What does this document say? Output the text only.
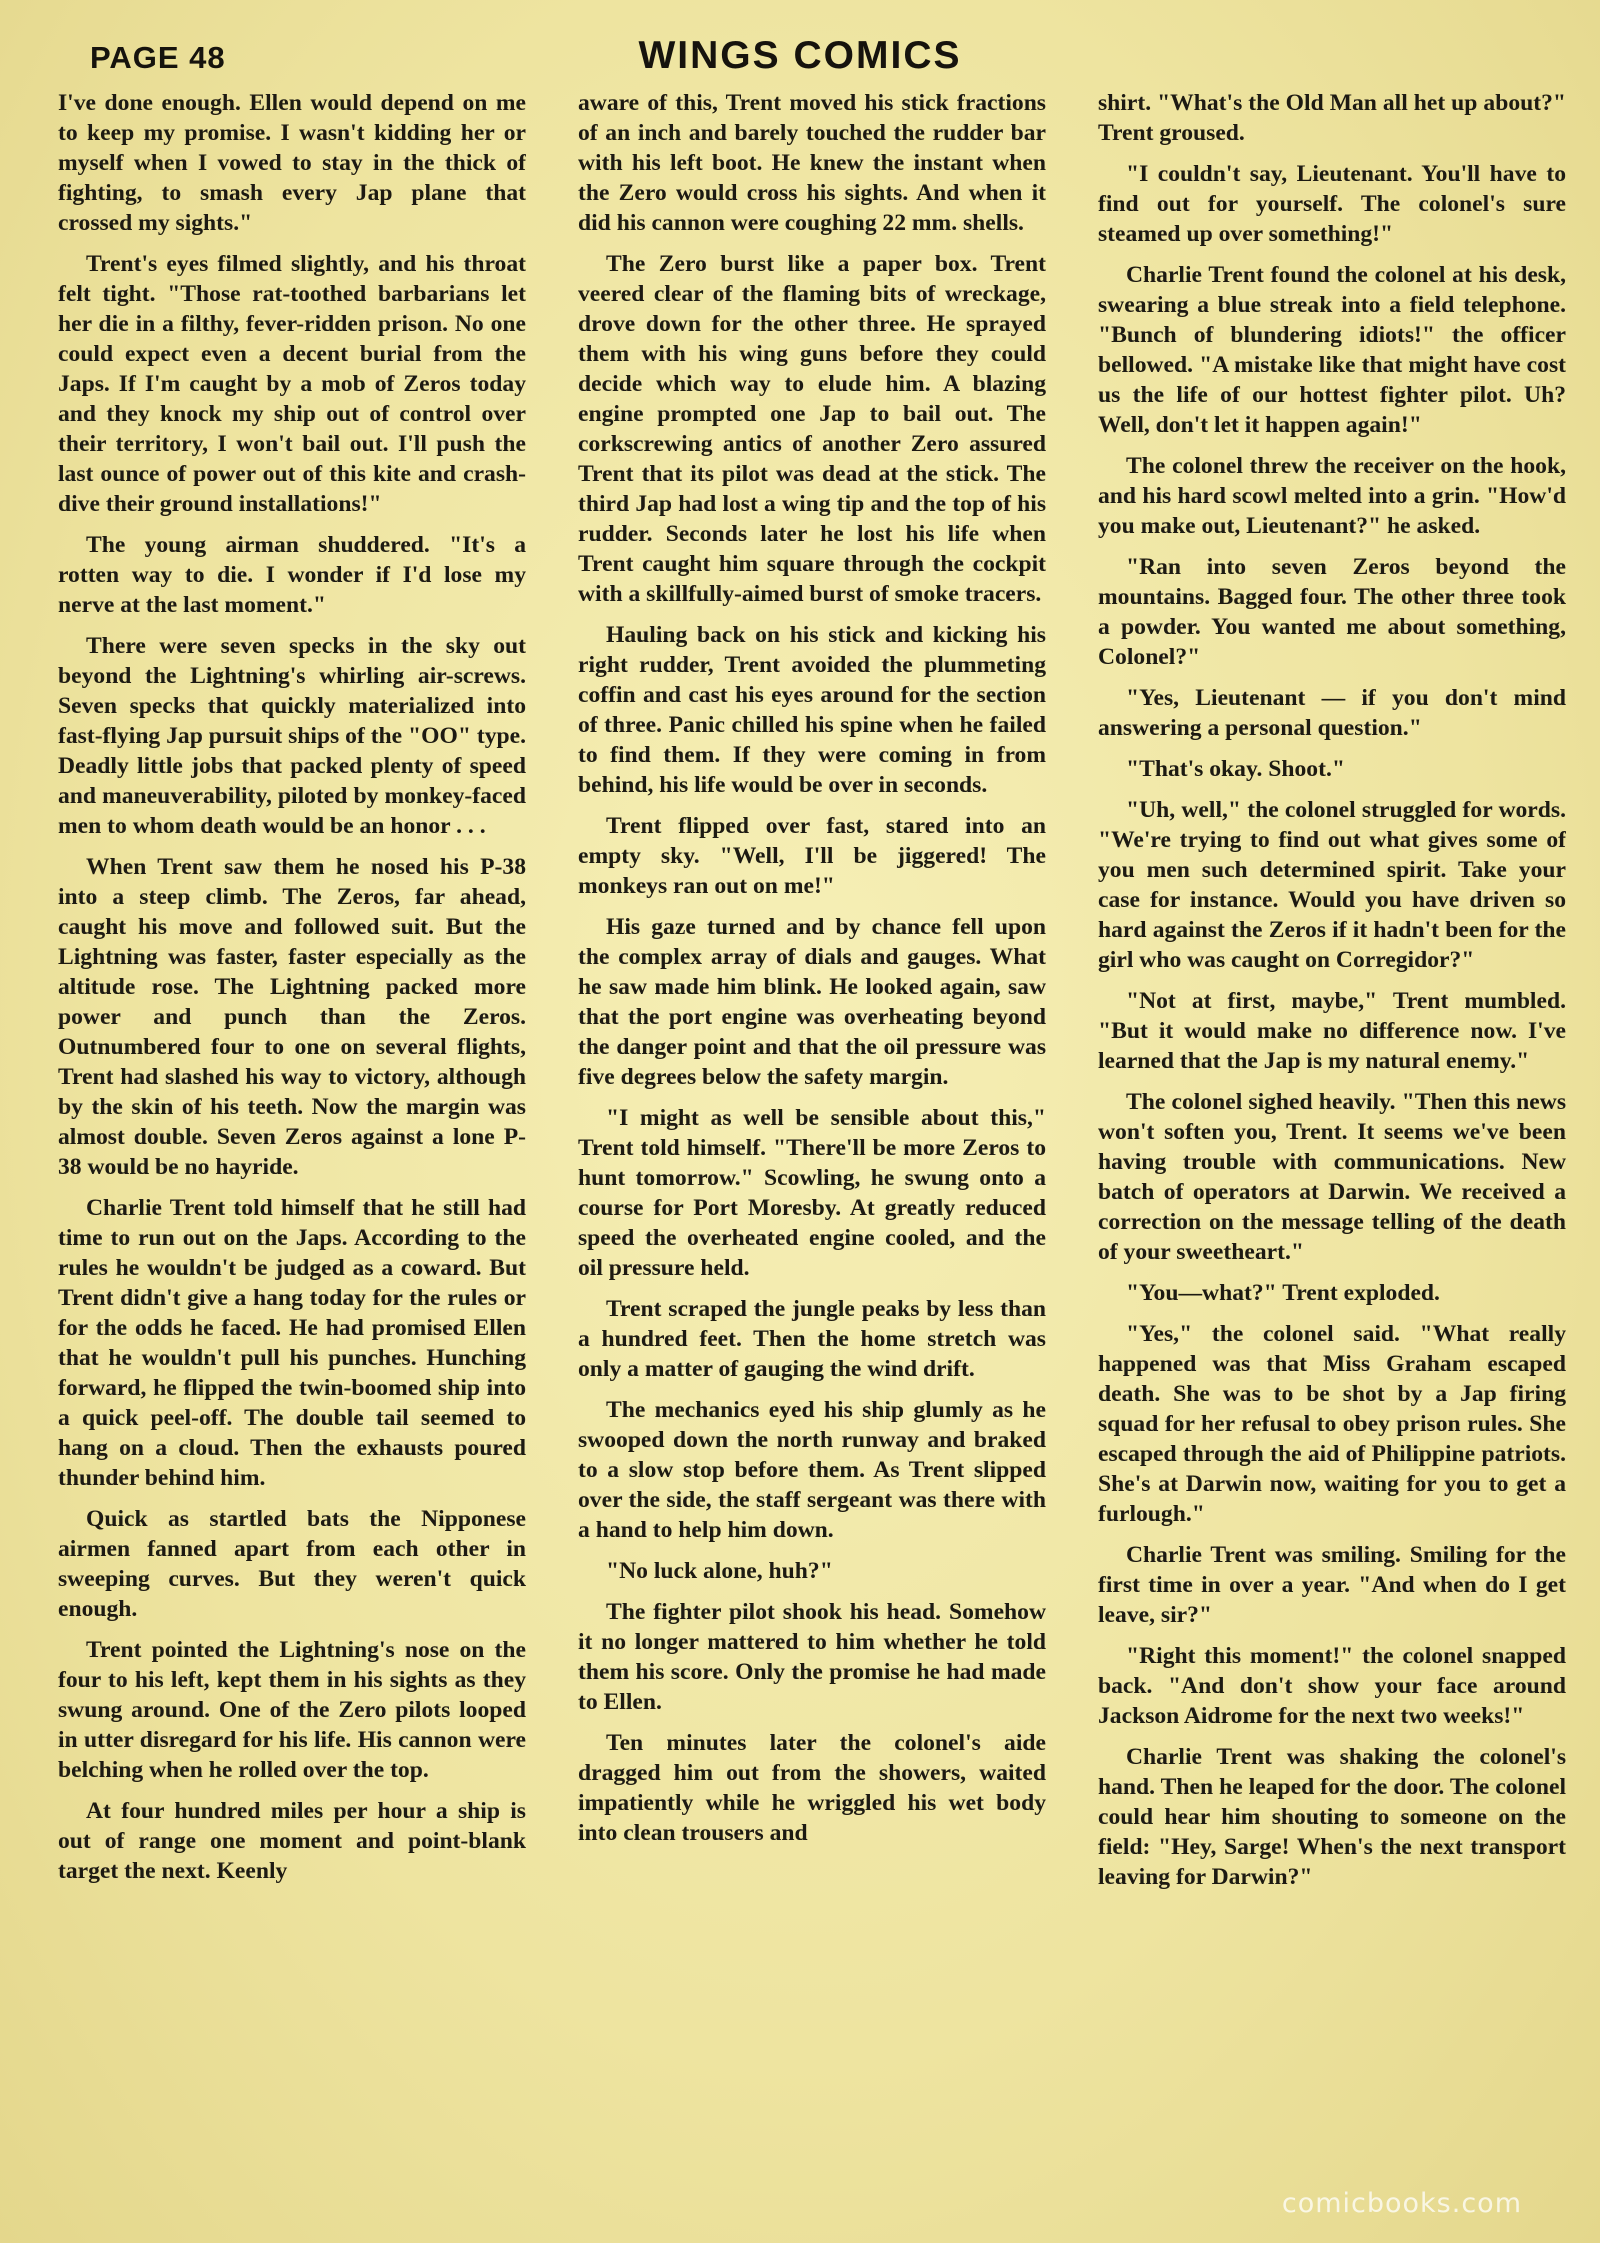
PAGE 48	WINGS COMICS

I've done enough. Ellen would depend on me to keep my promise. I wasn't kidding her or myself when I vowed to stay in the thick of fighting, to smash every Jap plane that crossed my sights."

Trent's eyes filmed slightly, and his throat felt tight. "Those rat-toothed barbarians let her die in a filthy, fever-ridden prison. No one could expect even a decent burial from the Japs. If I'm caught by a mob of Zeros today and they knock my ship out of control over their territory, I won't bail out. I'll push the last ounce of power out of this kite and crash-dive their ground installations!"

The young airman shuddered. "It's a rotten way to die. I wonder if I'd lose my nerve at the last moment."

There were seven specks in the sky out beyond the Lightning's whirling air-screws. Seven specks that quickly materialized into fast-flying Jap pursuit ships of the "OO" type. Deadly little jobs that packed plenty of speed and maneuverability, piloted by monkey-faced men to whom death would be an honor . . .

When Trent saw them he nosed his P-38 into a steep climb. The Zeros, far ahead, caught his move and followed suit. But the Lightning was faster, faster especially as the altitude rose. The Lightning packed more power and punch than the Zeros. Outnumbered four to one on several flights, Trent had slashed his way to victory, although by the skin of his teeth. Now the margin was almost double. Seven Zeros against a lone P-38 would be no hayride.

Charlie Trent told himself that he still had time to run out on the Japs. According to the rules he wouldn't be judged as a coward. But Trent didn't give a hang today for the rules or for the odds he faced. He had promised Ellen that he wouldn't pull his punches. Hunching forward, he flipped the twin-boomed ship into a quick peel-off. The double tail seemed to hang on a cloud. Then the exhausts poured thunder behind him.

Quick as startled bats the Nipponese airmen fanned apart from each other in sweeping curves. But they weren't quick enough.

Trent pointed the Lightning's nose on the four to his left, kept them in his sights as they swung around. One of the Zero pilots looped in utter disregard for his life. His cannon were belching when he rolled over the top.

At four hundred miles per hour a ship is out of range one moment and point-blank target the next. Keenly

aware of this, Trent moved his stick fractions of an inch and barely touched the rudder bar with his left boot. He knew the instant when the Zero would cross his sights. And when it did his cannon were coughing 22 mm. shells.

The Zero burst like a paper box. Trent veered clear of the flaming bits of wreckage, drove down for the other three. He sprayed them with his wing guns before they could decide which way to elude him. A blazing engine prompted one Jap to bail out. The corkscrewing antics of another Zero assured Trent that its pilot was dead at the stick. The third Jap had lost a wing tip and the top of his rudder. Seconds later he lost his life when Trent caught him square through the cockpit with a skillfully-aimed burst of smoke tracers.

Hauling back on his stick and kicking his right rudder, Trent avoided the plummeting coffin and cast his eyes around for the section of three. Panic chilled his spine when he failed to find them. If they were coming in from behind, his life would be over in seconds.

Trent flipped over fast, stared into an empty sky. "Well, I'll be jiggered! The monkeys ran out on me!"

His gaze turned and by chance fell upon the complex array of dials and gauges. What he saw made him blink. He looked again, saw that the port engine was overheating beyond the danger point and that the oil pressure was five degrees below the safety margin.

"I might as well be sensible about this," Trent told himself. "There'll be more Zeros to hunt tomorrow." Scowling, he swung onto a course for Port Moresby. At greatly reduced speed the overheated engine cooled, and the oil pressure held.

Trent scraped the jungle peaks by less than a hundred feet. Then the home stretch was only a matter of gauging the wind drift.

The mechanics eyed his ship glumly as he swooped down the north runway and braked to a slow stop before them. As Trent slipped over the side, the staff sergeant was there with a hand to help him down.

"No luck alone, huh?"

The fighter pilot shook his head. Somehow it no longer mattered to him whether he told them his score. Only the promise he had made to Ellen.

Ten minutes later the colonel's aide dragged him out from the showers, waited impatiently while he wriggled his wet body into clean trousers and

shirt. "What's the Old Man all het up about?" Trent groused.

"I couldn't say, Lieutenant. You'll have to find out for yourself. The colonel's sure steamed up over something!"

Charlie Trent found the colonel at his desk, swearing a blue streak into a field telephone. "Bunch of blundering idiots!" the officer bellowed. "A mistake like that might have cost us the life of our hottest fighter pilot. Uh? Well, don't let it happen again!"

The colonel threw the receiver on the hook, and his hard scowl melted into a grin. "How'd you make out, Lieutenant?" he asked.

"Ran into seven Zeros beyond the mountains. Bagged four. The other three took a powder. You wanted me about something, Colonel?"

"Yes, Lieutenant — if you don't mind answering a personal question."

"That's okay. Shoot."

"Uh, well," the colonel struggled for words. "We're trying to find out what gives some of you men such determined spirit. Take your case for instance. Would you have driven so hard against the Zeros if it hadn't been for the girl who was caught on Corregidor?"

"Not at first, maybe," Trent mumbled. "But it would make no difference now. I've learned that the Jap is my natural enemy."

The colonel sighed heavily. "Then this news won't soften you, Trent. It seems we've been having trouble with communications. New batch of operators at Darwin. We received a correction on the message telling of the death of your sweetheart."

"You—what?" Trent exploded.

"Yes," the colonel said. "What really happened was that Miss Graham escaped death. She was to be shot by a Jap firing squad for her refusal to obey prison rules. She escaped through the aid of Philippine patriots. She's at Darwin now, waiting for you to get a furlough."

Charlie Trent was smiling. Smiling for the first time in over a year. "And when do I get leave, sir?"

"Right this moment!" the colonel snapped back. "And don't show your face around Jackson Aidrome for the next two weeks!"

Charlie Trent was shaking the colonel's hand. Then he leaped for the door. The colonel could hear him shouting to someone on the field: "Hey, Sarge! When's the next transport leaving for Darwin?"

comicbooks.com
